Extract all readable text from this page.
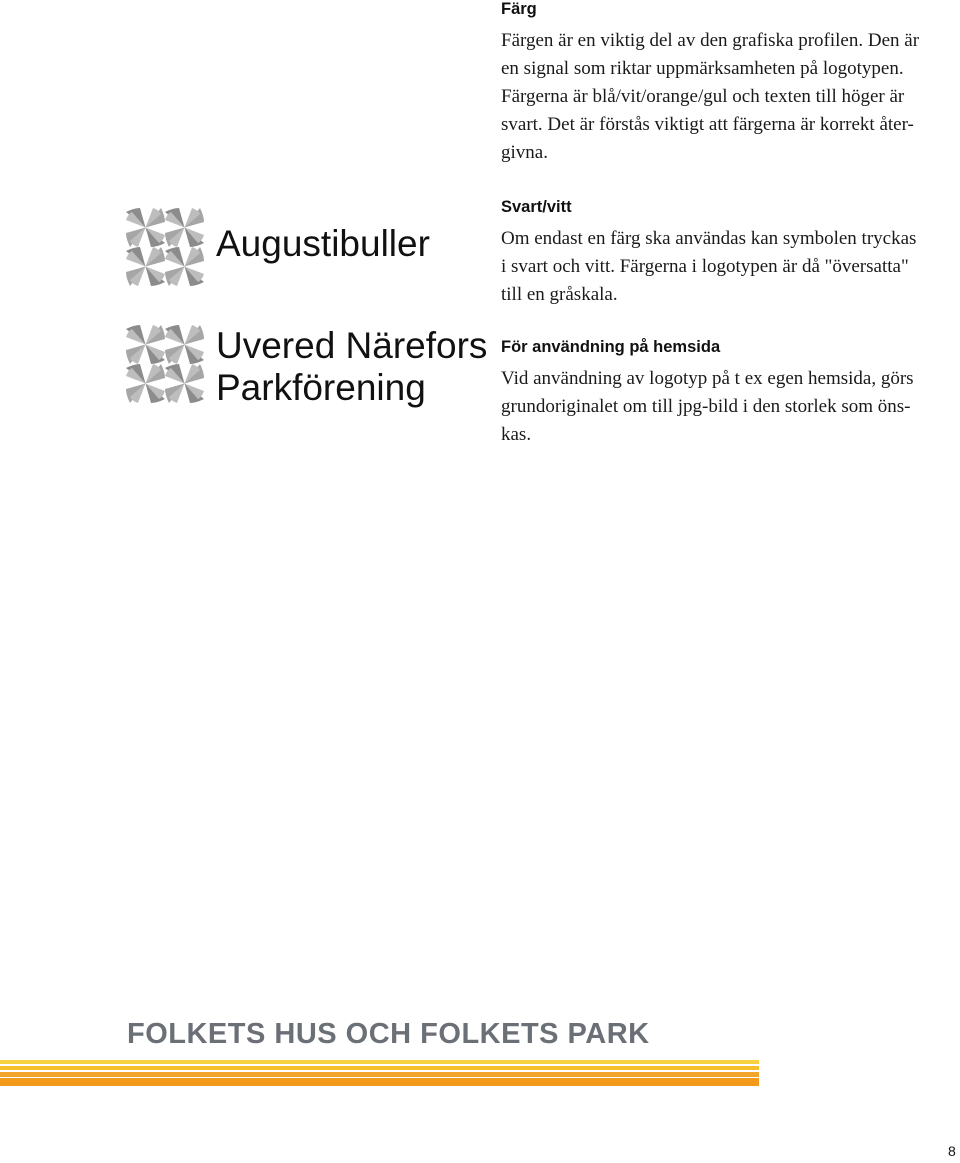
Augustibuller
Uvered Närefors
Parkförening
Färg

Färgen är en viktig del av den grafiska profilen. Den är
en signal som riktar uppmärksamheten på logotypen.
Färgerna är blå/vit/orange/gul och texten till höger är
svart. Det är förstås viktigt att färgerna är korrekt åter-
givna.

Svart/vitt

Om endast en färg ska användas kan symbolen tryckas
i svart och vitt. Färgerna i logotypen är då "översatta"
till en gråskala.

För användning på hemsida

Vid användning av logotyp på t ex egen hemsida, görs
grundoriginalet om till jpg-bild i den storlek som öns-
kas.

FOLKETS HUS OCH FOLKETS PARK
8
